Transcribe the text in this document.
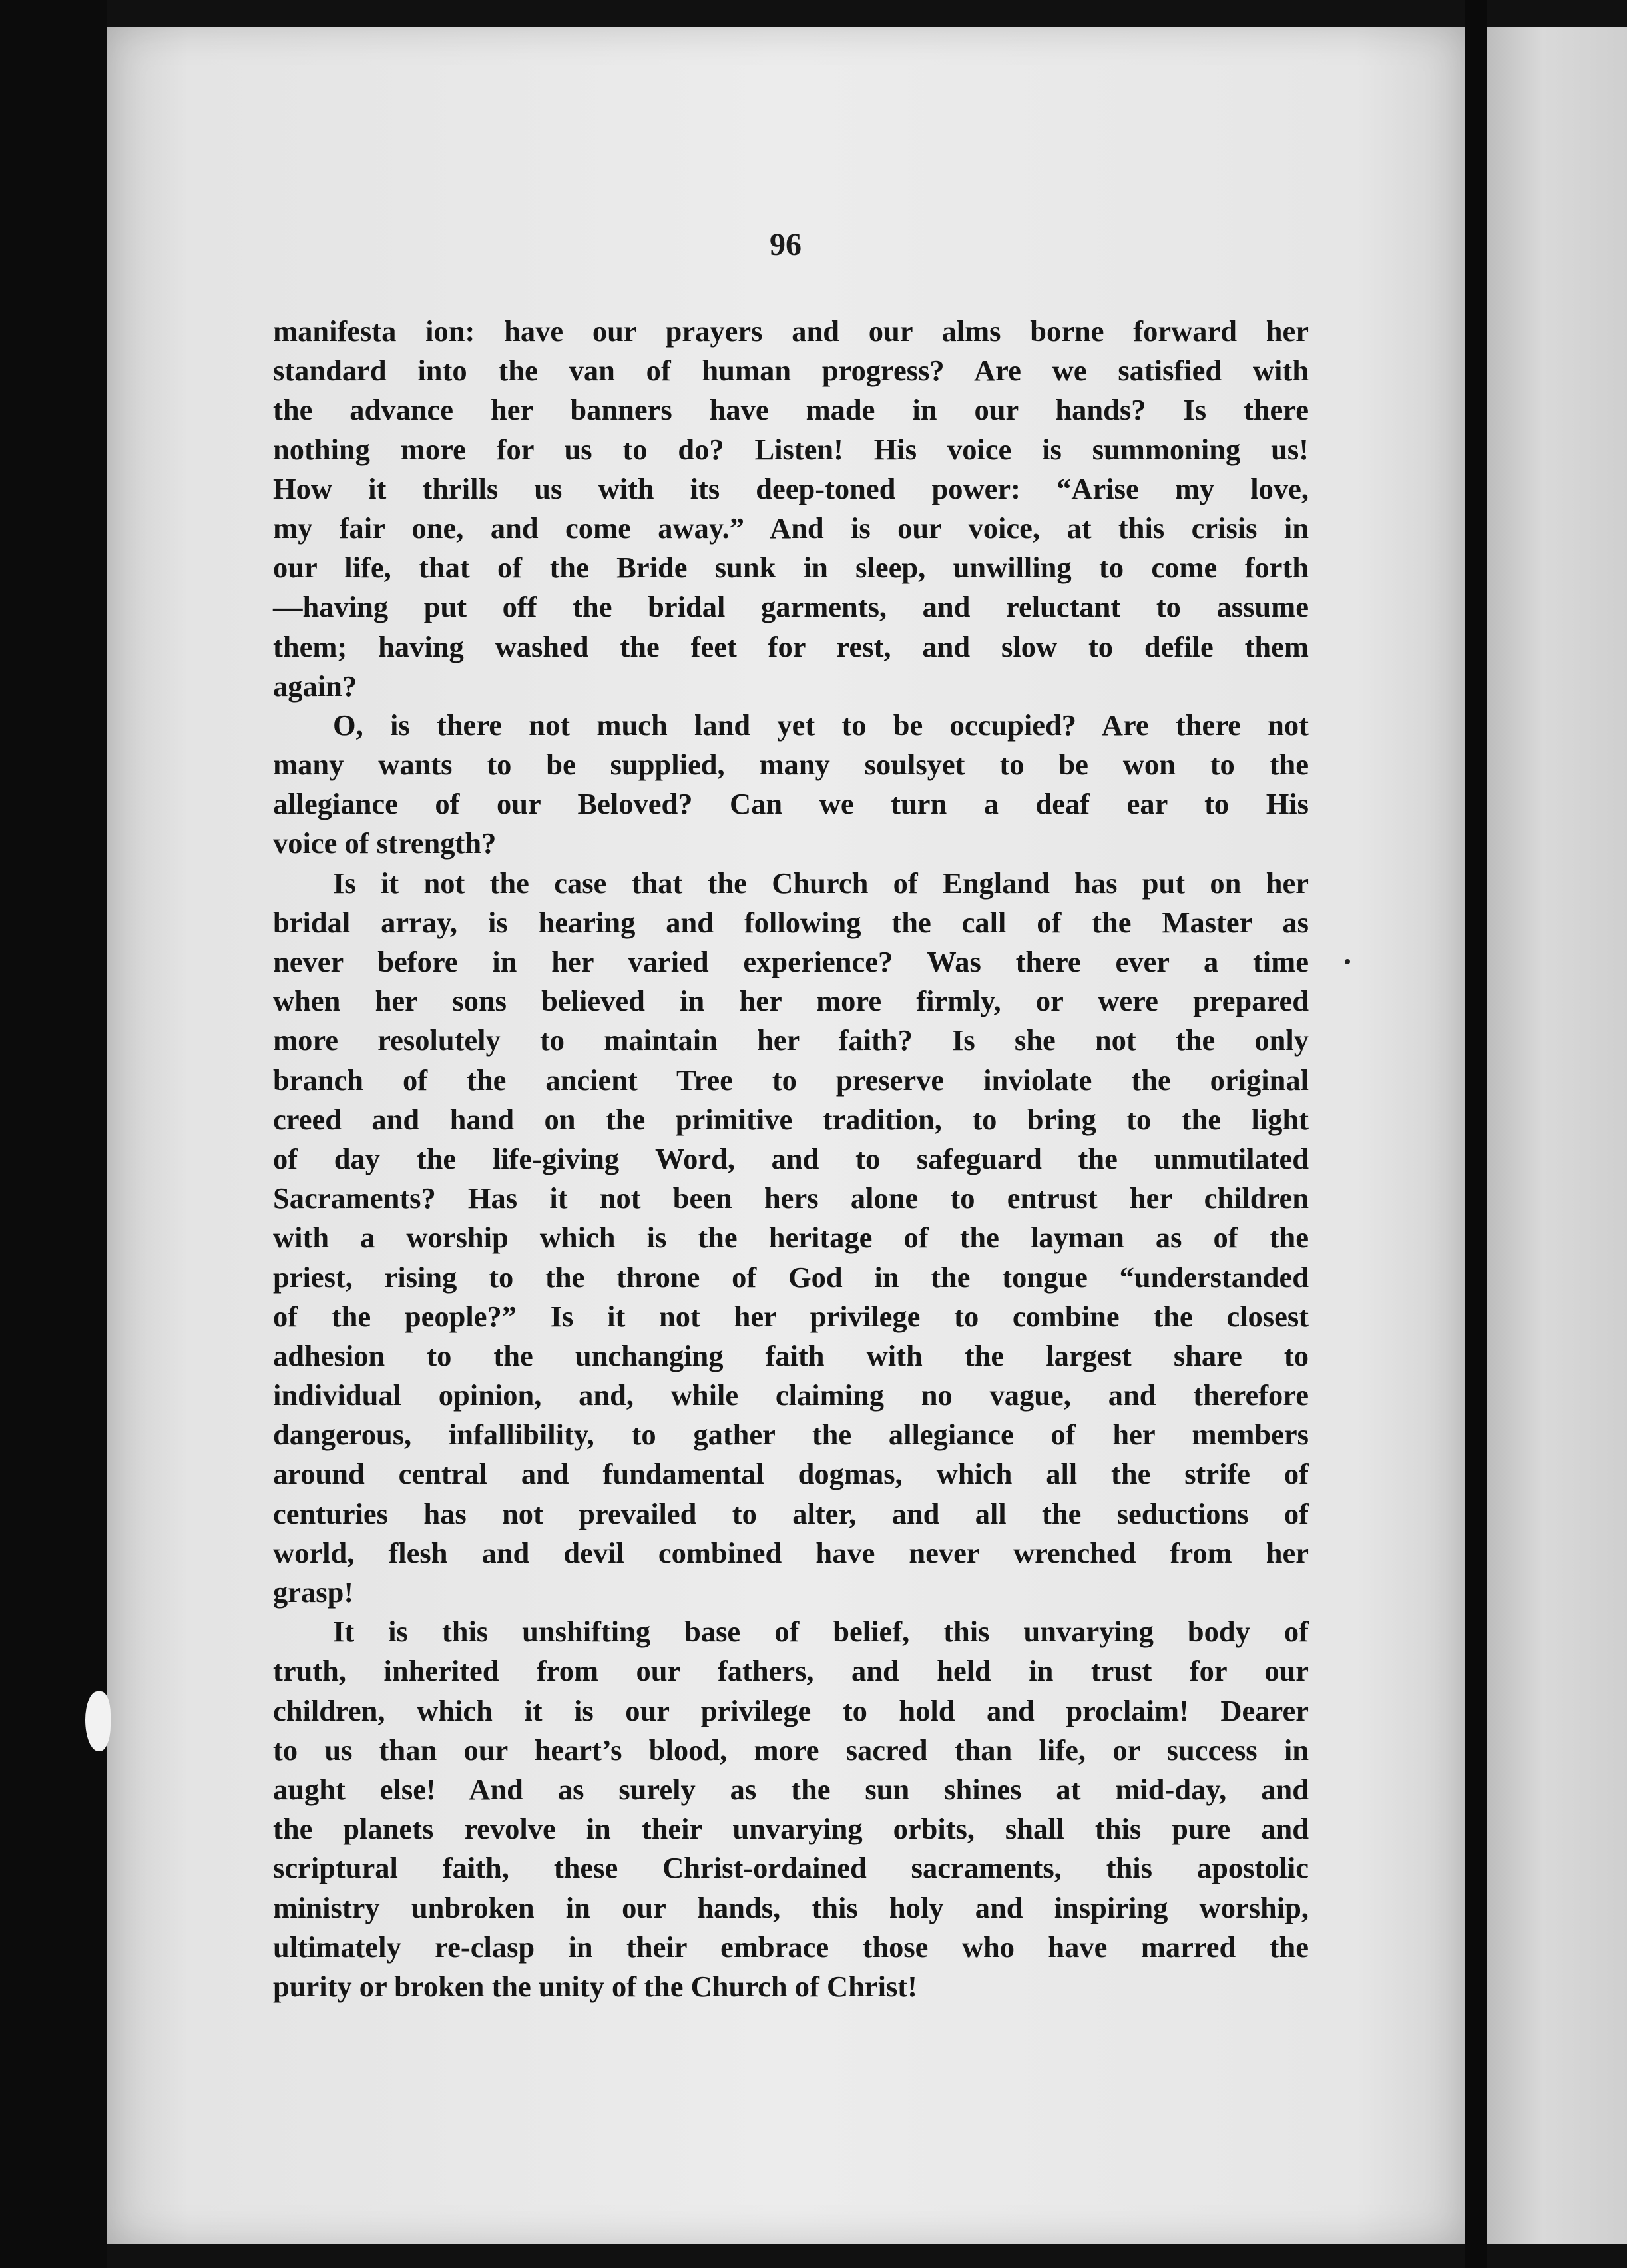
96
manifesta ion: have our prayers and our alms borne forward her
standard into the van of human progress? Are we satisfied with
the advance her banners have made in our hands? Is there
nothing more for us to do? Listen! His voice is summoning us!
How it thrills us with its deep-toned power: “Arise my love,
my fair one, and come away.” And is our voice, at this crisis in
our life, that of the Bride sunk in sleep, unwilling to come forth
—having put off the bridal garments, and reluctant to assume
them; having washed the feet for rest, and slow to defile them
again?
O, is there not much land yet to be occupied? Are there not
many wants to be supplied, many soulsyet to be won to the
allegiance of our Beloved? Can we turn a deaf ear to His
voice of strength?
Is it not the case that the Church of England has put on her
bridal array, is hearing and following the call of the Master as
never before in her varied experience? Was there ever a time
when her sons believed in her more firmly, or were prepared
more resolutely to maintain her faith? Is she not the only
branch of the ancient Tree to preserve inviolate the original
creed and hand on the primitive tradition, to bring to the light
of day the life-giving Word, and to safeguard the unmutilated
Sacraments? Has it not been hers alone to entrust her children
with a worship which is the heritage of the layman as of the
priest, rising to the throne of God in the tongue “understanded
of the people?” Is it not her privilege to combine the closest
adhesion to the unchanging faith with the largest share to
individual opinion, and, while claiming no vague, and therefore
dangerous, infallibility, to gather the allegiance of her members
around central and fundamental dogmas, which all the strife of
centuries has not prevailed to alter, and all the seductions of
world, flesh and devil combined have never wrenched from her
grasp!
It is this unshifting base of belief, this unvarying body of
truth, inherited from our fathers, and held in trust for our
children, which it is our privilege to hold and proclaim! Dearer
to us than our heart’s blood, more sacred than life, or success in
aught else! And as surely as the sun shines at mid-day, and
the planets revolve in their unvarying orbits, shall this pure and
scriptural faith, these Christ-ordained sacraments, this apostolic
ministry unbroken in our hands, this holy and inspiring worship,
ultimately re-clasp in their embrace those who have marred the
purity or broken the unity of the Church of Christ!
